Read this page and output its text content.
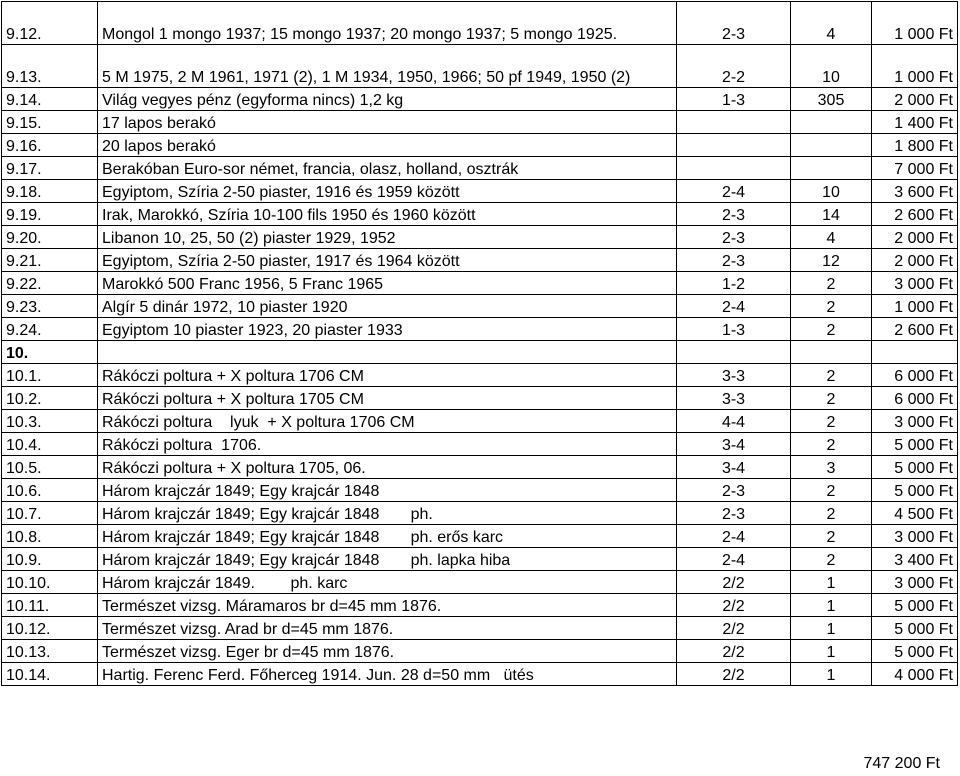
9.12.	Mongol 1 mongo 1937; 15 mongo 1937; 20 mongo 1937; 5 mongo 1925.	2-3	4	1 000 Ft
9.13.	5 M 1975, 2 M 1961, 1971 (2), 1 M 1934, 1950, 1966; 50 pf 1949, 1950 (2)	2-2	10	1 000 Ft
9.14.	Világ vegyes pénz (egyforma nincs) 1,2 kg	1-3	305	2 000 Ft
9.15.	17 lapos berakó			1 400 Ft
9.16.	20 lapos berakó			1 800 Ft
9.17.	Berakóban Euro-sor német, francia, olasz, holland, osztrák			7 000 Ft
9.18.	Egyiptom, Szíria 2-50 piaster, 1916 és 1959 között	2-4	10	3 600 Ft
9.19.	Irak, Marokkó, Szíria 10-100 fils 1950 és 1960 között	2-3	14	2 600 Ft
9.20.	Libanon 10, 25, 50 (2) piaster 1929, 1952	2-3	4	2 000 Ft
9.21.	Egyiptom, Szíria 2-50 piaster, 1917 és 1964 között	2-3	12	2 000 Ft
9.22.	Marokkó 500 Franc 1956, 5 Franc 1965	1-2	2	3 000 Ft
9.23.	Algír 5 dinár 1972, 10 piaster 1920	2-4	2	1 000 Ft
9.24.	Egyiptom 10 piaster 1923, 20 piaster 1933	1-3	2	2 600 Ft
10.				
10.1.	Rákóczi poltura + X poltura 1706 CM	3-3	2	6 000 Ft
10.2.	Rákóczi poltura + X poltura 1705 CM	3-3	2	6 000 Ft
10.3.	Rákóczi poltura    lyuk  + X poltura 1706 CM	4-4	2	3 000 Ft
10.4.	Rákóczi poltura  1706.	3-4	2	5 000 Ft
10.5.	Rákóczi poltura + X poltura 1705, 06.	3-4	3	5 000 Ft
10.6.	Három krajczár 1849; Egy krajcár 1848	2-3	2	5 000 Ft
10.7.	Három krajczár 1849; Egy krajcár 1848       ph.	2-3	2	4 500 Ft
10.8.	Három krajczár 1849; Egy krajcár 1848       ph. erős karc	2-4	2	3 000 Ft
10.9.	Három krajczár 1849; Egy krajcár 1848       ph. lapka hiba	2-4	2	3 400 Ft
10.10.	Három krajczár 1849.        ph. karc	2/2	1	3 000 Ft
10.11.	Természet vizsg. Máramaros br d=45 mm 1876.	2/2	1	5 000 Ft
10.12.	Természet vizsg. Arad br d=45 mm 1876.	2/2	1	5 000 Ft
10.13.	Természet vizsg. Eger br d=45 mm 1876.	2/2	1	5 000 Ft
10.14.	Hartig. Ferenc Ferd. Főherceg 1914. Jun. 28 d=50 mm   ütés	2/2	1	4 000 Ft
747 200 Ft
